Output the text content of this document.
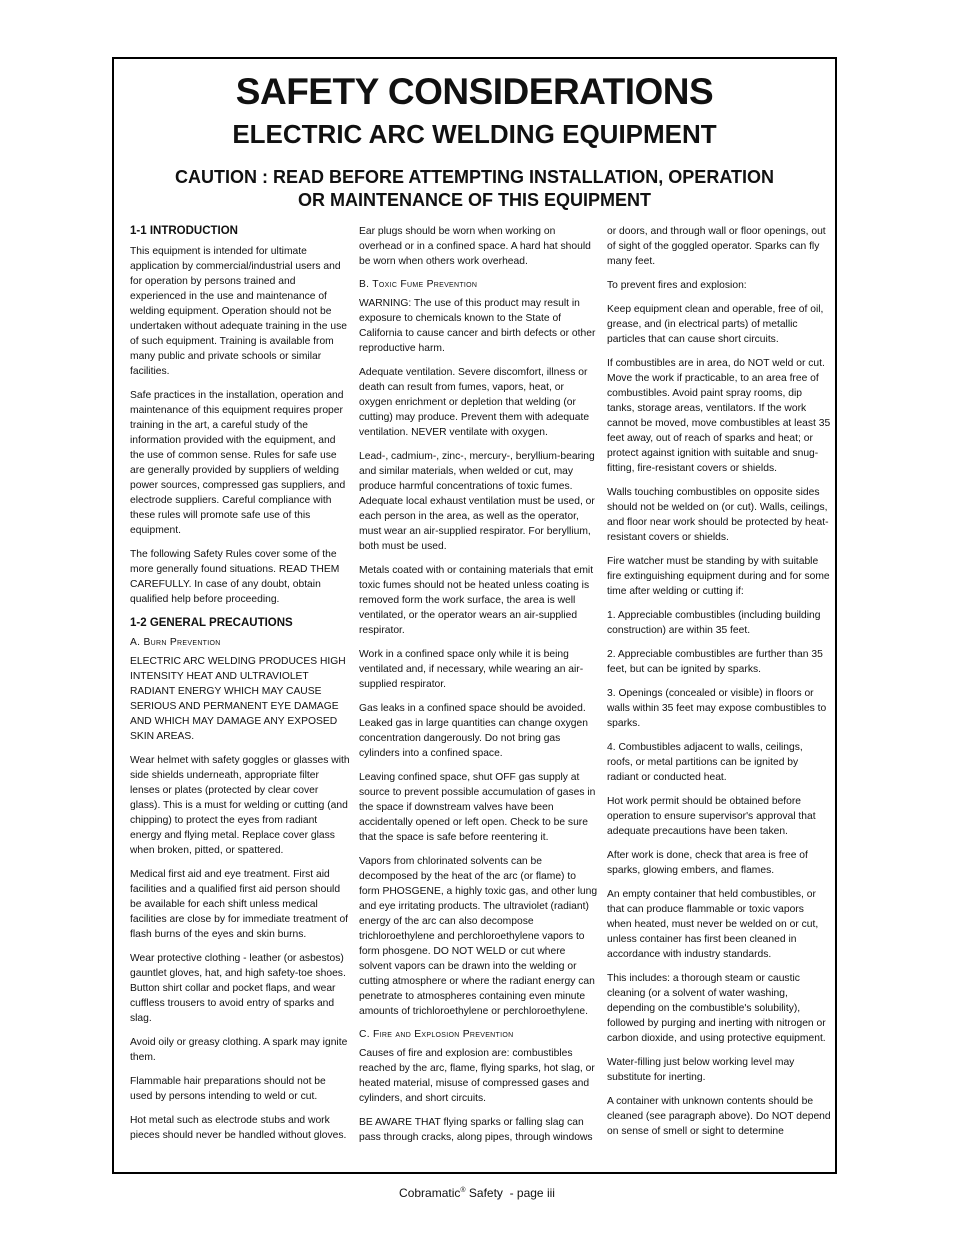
SAFETY CONSIDERATIONS
ELECTRIC ARC WELDING EQUIPMENT
CAUTION : READ BEFORE ATTEMPTING INSTALLATION, OPERATION
OR MAINTENANCE OF THIS EQUIPMENT
1-1 INTRODUCTION

This equipment is intended for ultimate application by commercial/industrial users and for operation by persons trained and experienced in the use and maintenance of welding equipment. Operation should not be undertaken without adequate training in the use of such equipment. Training is available from many public and private schools or similar facilities.

Safe practices in the installation, operation and maintenance of this equipment requires proper training in the art, a careful study of the information provided with the equipment, and the use of common sense. Rules for safe use are generally provided by suppliers of welding power sources, compressed gas suppliers, and electrode suppliers. Careful compliance with these rules will promote safe use of this equipment.

The following Safety Rules cover some of the more generally found situations. READ THEM CAREFULLY. In case of any doubt, obtain qualified help before proceeding.

1-2 GENERAL PRECAUTIONS
A. Burn Prevention

ELECTRIC ARC WELDING PRODUCES HIGH INTENSITY HEAT AND ULTRAVIOLET RADIANT ENERGY WHICH MAY CAUSE SERIOUS AND PERMANENT EYE DAMAGE AND WHICH MAY DAMAGE ANY EXPOSED SKIN AREAS.

Wear helmet with safety goggles or glasses with side shields underneath, appropriate filter lenses or plates (protected by clear cover glass). This is a must for welding or cutting (and chipping) to protect the eyes from radiant energy and flying metal. Replace cover glass when broken, pitted, or spattered.

Medical first aid and eye treatment. First aid facilities and a qualified first aid person should be available for each shift unless medical facilities are close by for immediate treatment of flash burns of the eyes and skin burns.

Wear protective clothing - leather (or asbestos) gauntlet gloves, hat, and high safety-toe shoes. Button shirt collar and pocket flaps, and wear cuffless trousers to avoid entry of sparks and slag.

Avoid oily or greasy clothing. A spark may ignite them.

Flammable hair preparations should not be used by persons intending to weld or cut.

Hot metal such as electrode stubs and work pieces should never be handled without gloves.

Ear plugs should be worn when working on overhead or in a confined space. A hard hat should be worn when others work overhead.

B. Toxic Fume Prevention

WARNING: The use of this product may result in exposure to chemicals known to the State of California to cause cancer and birth defects or other reproductive harm.

Adequate ventilation. Severe discomfort, illness or death can result from fumes, vapors, heat, or oxygen enrichment or depletion that welding (or cutting) may produce. Prevent them with adequate ventilation. NEVER ventilate with oxygen.

Lead-, cadmium-, zinc-, mercury-, beryllium-bearing and similar materials, when welded or cut, may produce harmful concentrations of toxic fumes. Adequate local exhaust ventilation must be used, or each person in the area, as well as the operator, must wear an air-supplied respirator. For beryllium, both must be used.

Metals coated with or containing materials that emit toxic fumes should not be heated unless coating is removed form the work surface, the area is well ventilated, or the operator wears an air-supplied respirator.

Work in a confined space only while it is being ventilated and, if necessary, while wearing an air-supplied respirator.

Gas leaks in a confined space should be avoided. Leaked gas in large quantities can change oxygen concentration dangerously. Do not bring gas cylinders into a confined space.

Leaving confined space, shut OFF gas supply at source to prevent possible accumulation of gases in the space if downstream valves have been accidentally opened or left open. Check to be sure that the space is safe before reentering it.

Vapors from chlorinated solvents can be decomposed by the heat of the arc (or flame) to form PHOSGENE, a highly toxic gas, and other lung and eye irritating products. The ultraviolet (radiant) energy of the arc can also decompose trichloroethylene and perchloroethylene vapors to form phosgene. DO NOT WELD or cut where solvent vapors can be drawn into the welding or cutting atmosphere or where the radiant energy can penetrate to atmospheres containing even minute amounts of trichloroethylene or perchloroethylene.

C. Fire and Explosion Prevention

Causes of fire and explosion are: combustibles reached by the arc, flame, flying sparks, hot slag, or heated material, misuse of compressed gases and cylinders, and short circuits.

BE AWARE THAT flying sparks or falling slag can pass through cracks, along pipes, through windows

or doors, and through wall or floor openings, out of sight of the goggled operator. Sparks can fly many feet.

To prevent fires and explosion:

Keep equipment clean and operable, free of oil, grease, and (in electrical parts) of metallic particles that can cause short circuits.

If combustibles are in area, do NOT weld or cut. Move the work if practicable, to an area free of combustibles. Avoid paint spray rooms, dip tanks, storage areas, ventilators. If the work cannot be moved, move combustibles at least 35 feet away, out of reach of sparks and heat; or protect against ignition with suitable and snug-fitting, fire-resistant covers or shields.

Walls touching combustibles on opposite sides should not be welded on (or cut). Walls, ceilings, and floor near work should be protected by heat-resistant covers or shields.

Fire watcher must be standing by with suitable fire extinguishing equipment during and for some time after welding or cutting if:

1. Appreciable combustibles (including building construction) are within 35 feet.

2. Appreciable combustibles are further than 35 feet, but can be ignited by sparks.

3. Openings (concealed or visible) in floors or walls within 35 feet may expose combustibles to sparks.

4. Combustibles adjacent to walls, ceilings, roofs, or metal partitions can be ignited by radiant or conducted heat.

Hot work permit should be obtained before operation to ensure supervisor's approval that adequate precautions have been taken.

After work is done, check that area is free of sparks, glowing embers, and flames.

An empty container that held combustibles, or that can produce flammable or toxic vapors when heated, must never be welded on or cut, unless container has first been cleaned in accordance with industry standards.

This includes: a thorough steam or caustic cleaning (or a solvent of water washing, depending on the combustible's solubility), followed by purging and inerting with nitrogen or carbon dioxide, and using protective equipment.

Water-filling just below working level may substitute for inerting.

A container with unknown contents should be cleaned (see paragraph above). Do NOT depend on sense of smell or sight to determine

Cobramatic® Safety  - page iii
